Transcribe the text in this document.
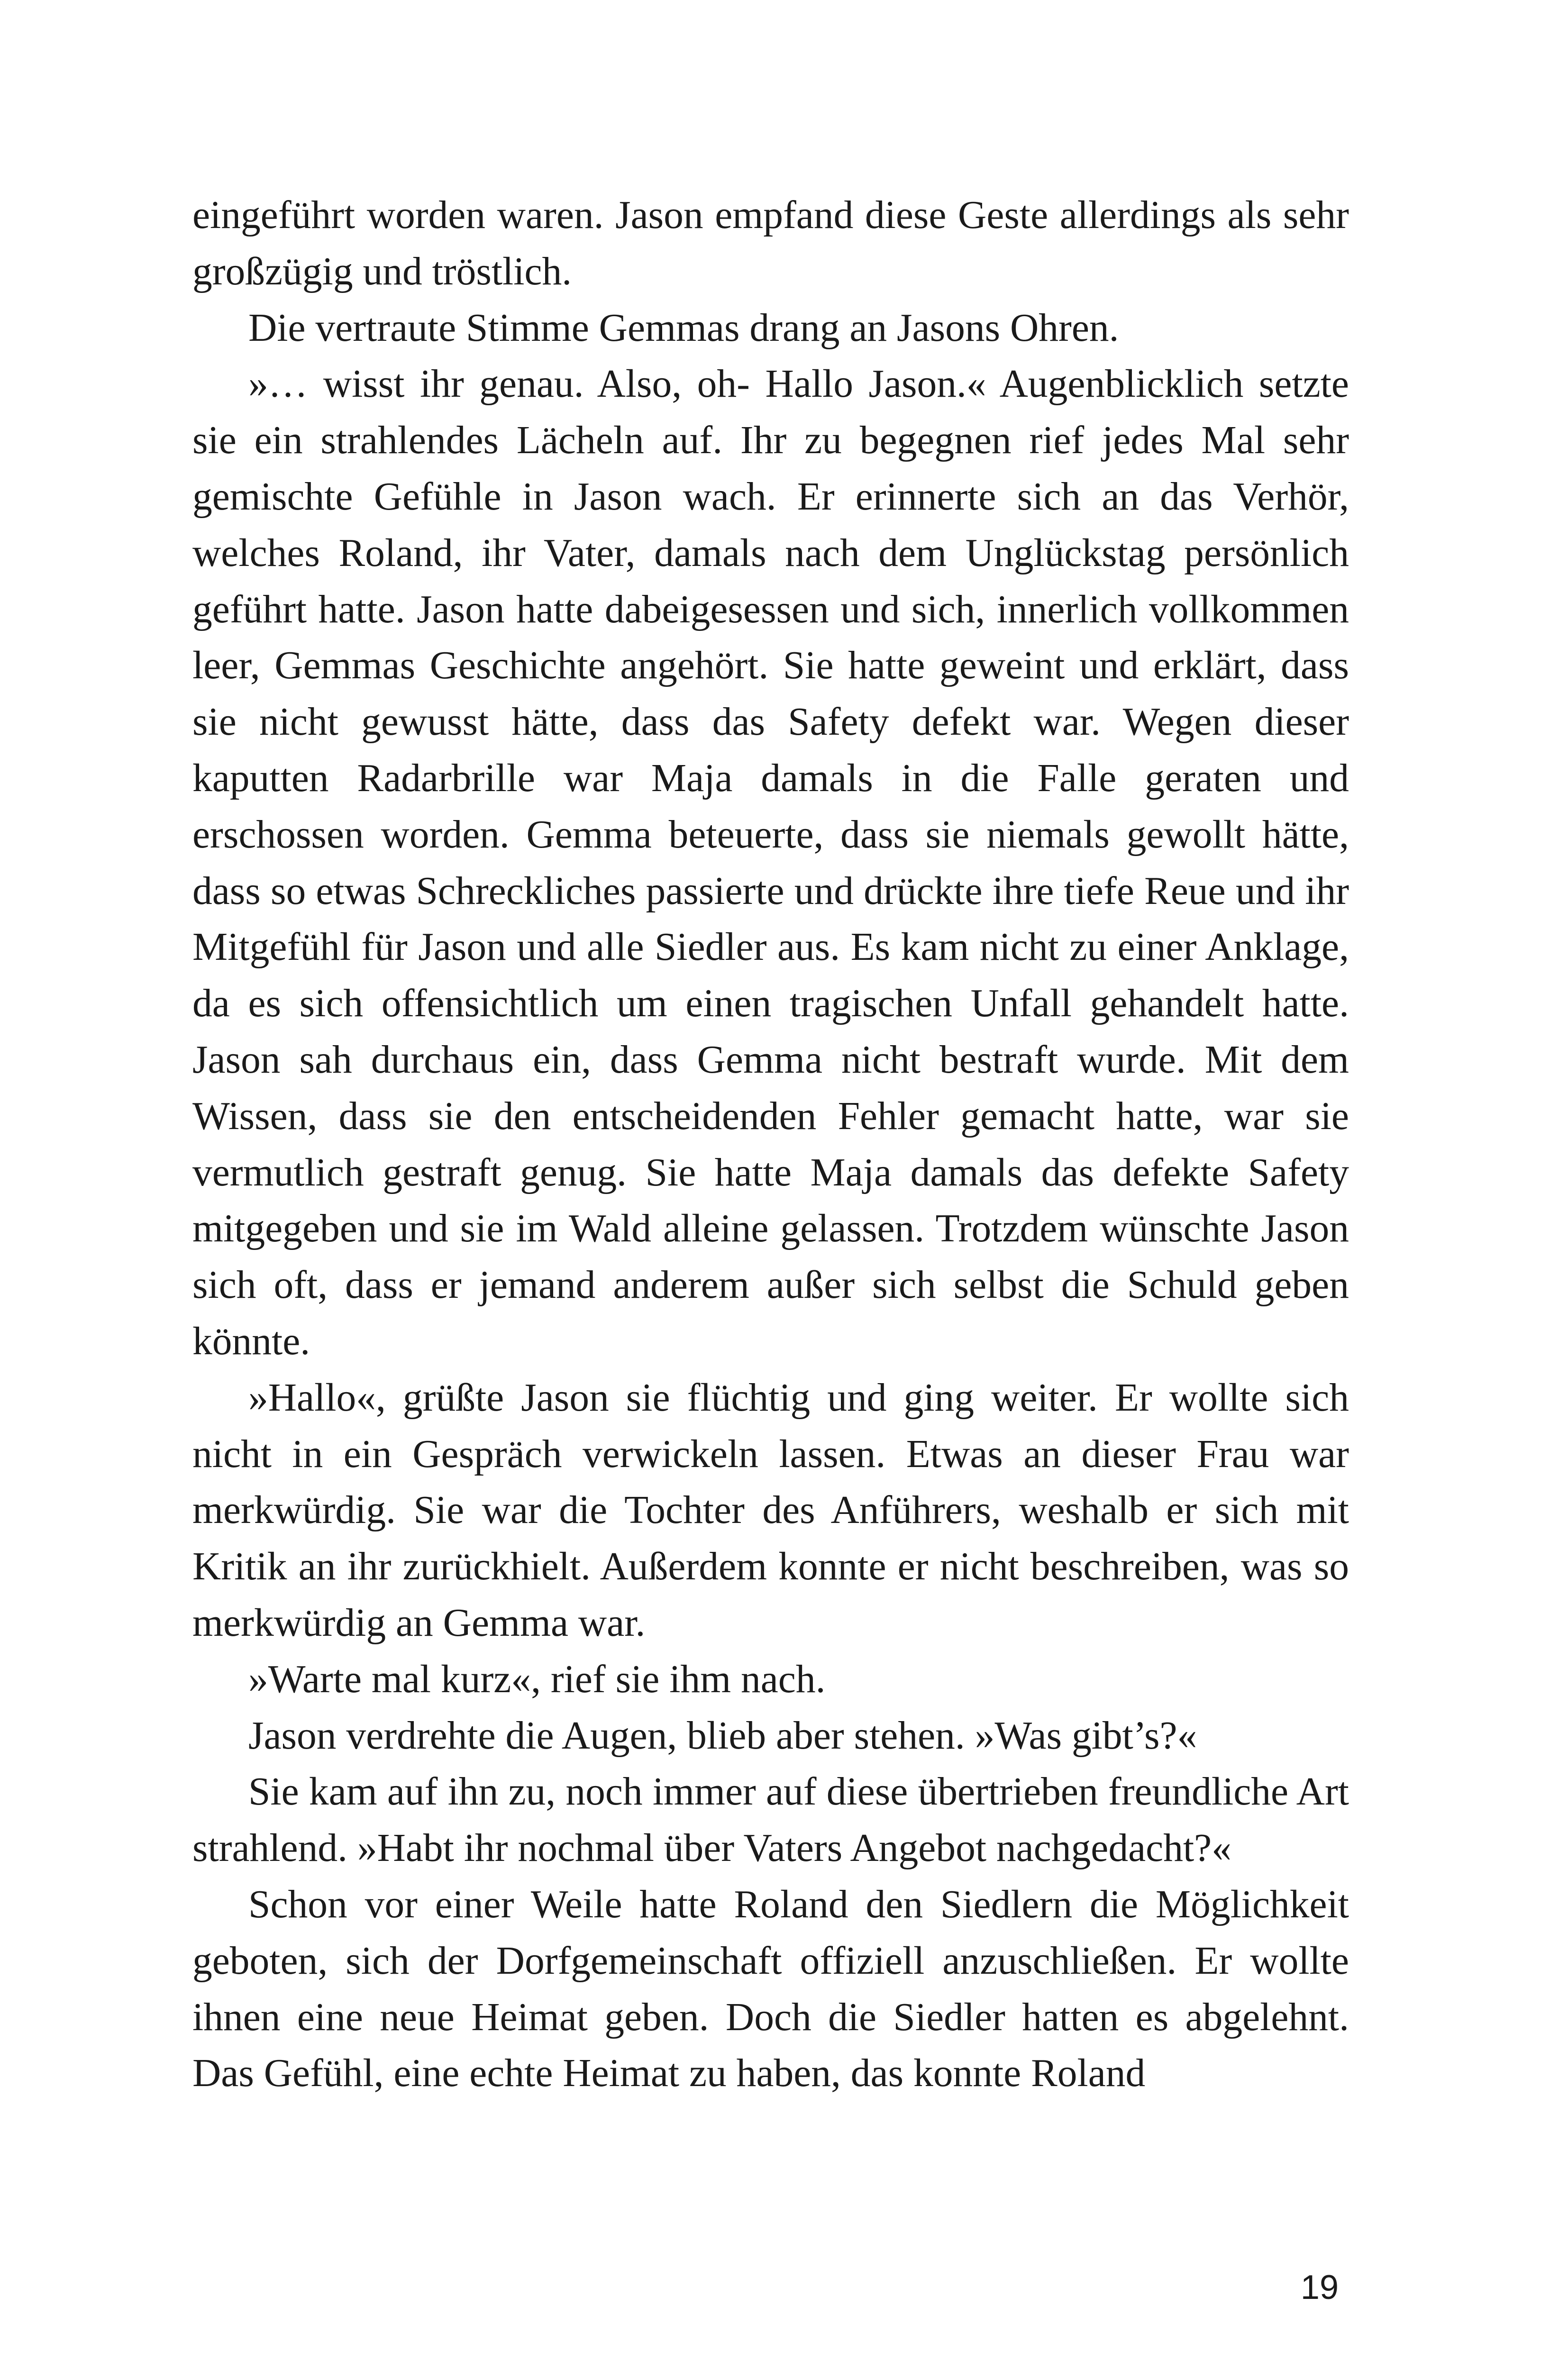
eingeführt worden waren. Jason empfand diese Geste allerdings als sehr großzügig und tröstlich.

Die vertraute Stimme Gemmas drang an Jasons Ohren.

»… wisst ihr genau. Also, oh- Hallo Jason.« Augenblicklich setzte sie ein strahlendes Lächeln auf. Ihr zu begegnen rief jedes Mal sehr gemischte Gefühle in Jason wach. Er erinnerte sich an das Verhör, welches Roland, ihr Vater, damals nach dem Unglückstag persönlich geführt hatte. Jason hatte dabeigesessen und sich, innerlich vollkommen leer, Gemmas Geschichte angehört. Sie hatte geweint und erklärt, dass sie nicht gewusst hätte, dass das Safety defekt war. Wegen dieser kaputten Radarbrille war Maja damals in die Falle geraten und erschossen worden. Gemma beteuerte, dass sie niemals gewollt hätte, dass so etwas Schreckliches passierte und drückte ihre tiefe Reue und ihr Mitgefühl für Jason und alle Siedler aus. Es kam nicht zu einer Anklage, da es sich offensichtlich um einen tragischen Unfall gehandelt hatte. Jason sah durchaus ein, dass Gemma nicht bestraft wurde. Mit dem Wissen, dass sie den entscheidenden Fehler gemacht hatte, war sie vermutlich gestraft genug. Sie hatte Maja damals das defekte Safety mitgegeben und sie im Wald alleine gelassen. Trotzdem wünschte Jason sich oft, dass er jemand anderem außer sich selbst die Schuld geben könnte.

»Hallo«, grüßte Jason sie flüchtig und ging weiter. Er wollte sich nicht in ein Gespräch verwickeln lassen. Etwas an dieser Frau war merkwürdig. Sie war die Tochter des Anführers, weshalb er sich mit Kritik an ihr zurückhielt. Außerdem konnte er nicht beschreiben, was so merkwürdig an Gemma war.

»Warte mal kurz«, rief sie ihm nach.

Jason verdrehte die Augen, blieb aber stehen. »Was gibt’s?«

Sie kam auf ihn zu, noch immer auf diese übertrieben freundliche Art strahlend. »Habt ihr nochmal über Vaters Angebot nachgedacht?«

Schon vor einer Weile hatte Roland den Siedlern die Möglichkeit geboten, sich der Dorfgemeinschaft offiziell anzuschließen. Er wollte ihnen eine neue Heimat geben. Doch die Siedler hatten es abgelehnt. Das Gefühl, eine echte Heimat zu haben, das konnte Roland

19
